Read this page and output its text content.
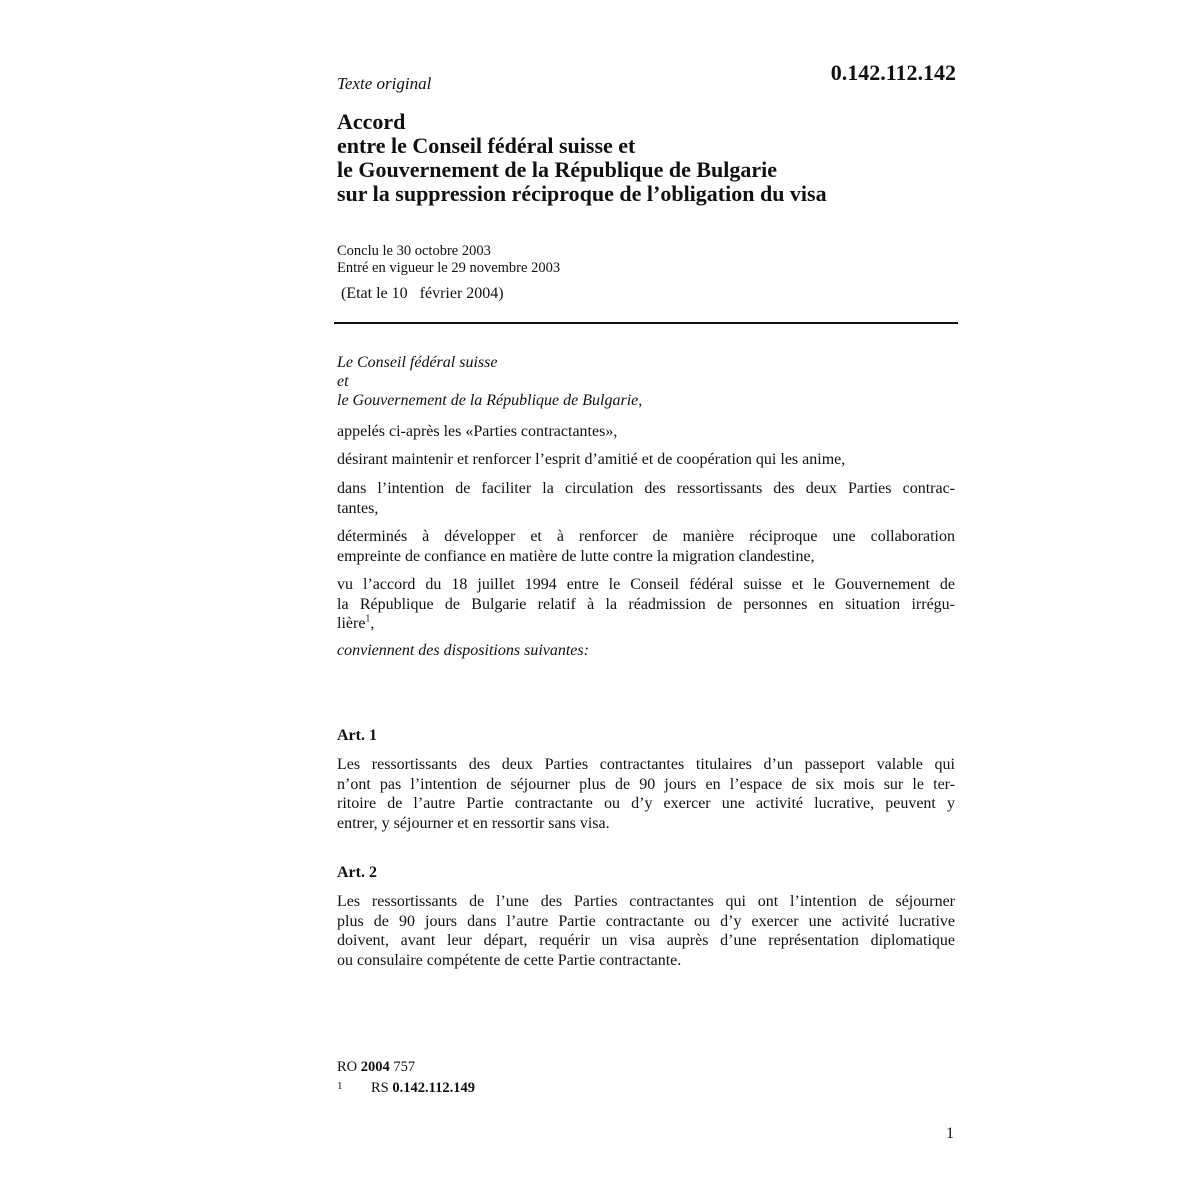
0.142.112.142
Texte original
Accord
entre le Conseil fédéral suisse et
le Gouvernement de la République de Bulgarie
sur la suppression réciproque de l’obligation du visa
Conclu le 30 octobre 2003
Entré en vigueur le 29 novembre 2003
(Etat le 10   février 2004)
Le Conseil fédéral suisse
et
le Gouvernement de la République de Bulgarie,
appelés ci-après les «Parties contractantes»,
désirant maintenir et renforcer l’esprit d’amitié et de coopération qui les anime,
dans l’intention de faciliter la circulation des ressortissants des deux Parties contrac-
tantes,
déterminés à développer et à renforcer de manière réciproque une collaboration
empreinte de confiance en matière de lutte contre la migration clandestine,
vu l’accord du 18 juillet 1994 entre le Conseil fédéral suisse et le Gouvernement de
la République de Bulgarie relatif à la réadmission de personnes en situation irrégu-
lière$^1$,
conviennent des dispositions suivantes:
Art. 1
Les ressortissants des deux Parties contractantes titulaires d’un passeport valable qui
n’ont pas l’intention de séjourner plus de 90 jours en l’espace de six mois sur le ter-
ritoire de l’autre Partie contractante ou d’y exercer une activité lucrative, peuvent y
entrer, y séjourner et en ressortir sans visa.
Art. 2
Les ressortissants de l’une des Parties contractantes qui ont l’intention de séjourner
plus de 90 jours dans l’autre Partie contractante ou d’y exercer une activité lucrative
doivent, avant leur départ, requérir un visa auprès d’une représentation diplomatique
ou consulaire compétente de cette Partie contractante.
RO 2004 757
1 RS 0.142.112.149
1
